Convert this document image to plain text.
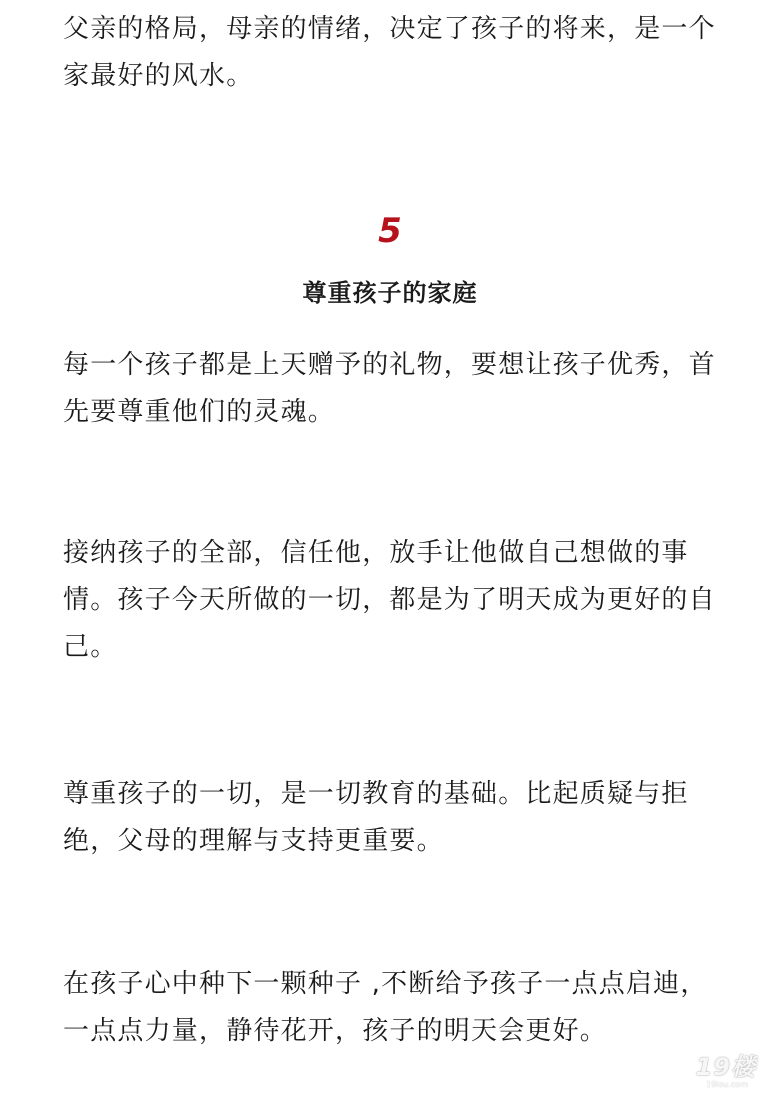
父亲的格局，母亲的情绪，决定了孩子的将来，是一个家最好的风水。

5
尊重孩子的家庭

每一个孩子都是上天赠予的礼物，要想让孩子优秀，首先要尊重他们的灵魂。

接纳孩子的全部，信任他，放手让他做自己想做的事情。孩子今天所做的一切，都是为了明天成为更好的自己。

尊重孩子的一切，是一切教育的基础。比起质疑与拒绝，父母的理解与支持更重要。

在孩子心中种下一颗种子 ,不断给予孩子一点点启迪，一点点力量，静待花开，孩子的明天会更好。

19楼
19lou.com
